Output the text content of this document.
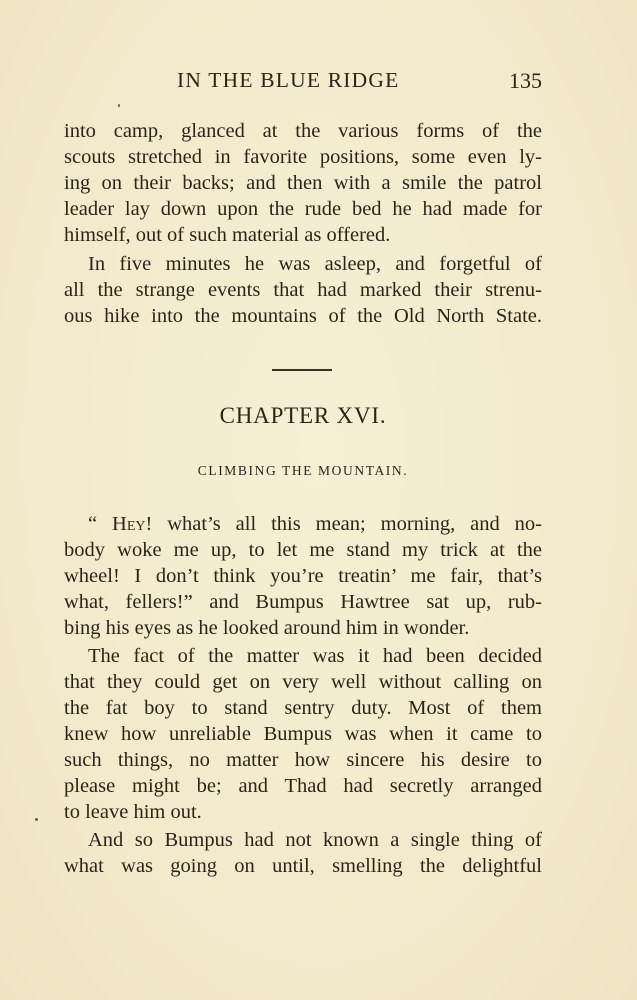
IN THE BLUE RIDGE	135
into camp, glanced at the various forms of the
scouts stretched in favorite positions, some even ly-
ing on their backs; and then with a smile the patrol
leader lay down upon the rude bed he had made for
himself, out of such material as offered.
In five minutes he was asleep, and forgetful of
all the strange events that had marked their strenu-
ous hike into the mountains of the Old North State.
CHAPTER XVI.
CLIMBING THE MOUNTAIN.
“ Hey! what’s all this mean; morning, and no-
body woke me up, to let me stand my trick at the
wheel! I don’t think you’re treatin’ me fair, that’s
what, fellers!” and Bumpus Hawtree sat up, rub-
bing his eyes as he looked around him in wonder.
The fact of the matter was it had been decided
that they could get on very well without calling on
the fat boy to stand sentry duty. Most of them
knew how unreliable Bumpus was when it came to
such things, no matter how sincere his desire to
please might be; and Thad had secretly arranged
to leave him out.
And so Bumpus had not known a single thing of
what was going on until, smelling the delightful
